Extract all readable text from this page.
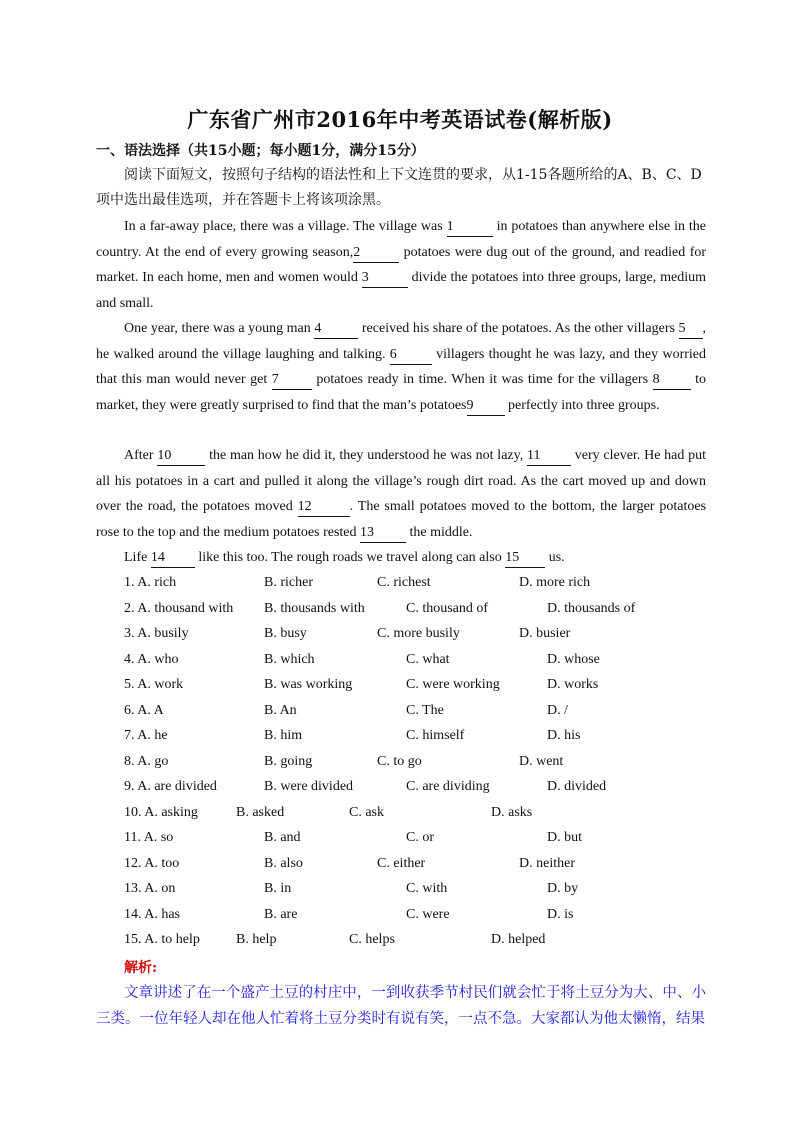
广东省广州市2016年中考英语试卷(解析版)
一、语法选择（共15小题；每小题1分，满分15分）
阅读下面短文，按照句子结构的语法性和上下文连贯的要求，从1-15各题所给的A、B、C、D项中选出最佳选项，并在答题卡上将该项涂黑。
In a far-away place, there was a village. The village was 1	in potatoes than anywhere else in the country. At the end of every growing season,2	potatoes were dug out of the ground, and readied for market. In each home, men and women would 3	divide the potatoes into three groups, large, medium and small.
One year, there was a young man 4	received his share of the potatoes. As the other villagers 5 , he walked around the village laughing and talking. 6	villagers thought he was lazy, and they worried that this man would never get 7	potatoes ready in time. When it was time for the villagers 8	to market, they were greatly surprised to find that the man’s potatoes9 perfectly into three groups.
After 10	the man how he did it, they understood he was not lazy, 11 very clever. He had put all his potatoes in a cart and pulled it along the village’s rough dirt road. As the cart moved up and down over the road, the potatoes moved 12	. The small potatoes moved to the bottom, the larger potatoes rose to the top and the medium potatoes rested 13	the middle.
Life 14 like this too. The rough roads we travel along can also 15 us.
1. A. rich	B. richer	C. richest	D. more rich
2. A. thousand with B. thousands with	C. thousand of	D. thousands of
3. A. busily	B. busy	C. more busily	D. busier
4. A. who	B. which	C. what	D. whose
5. A. work	B. was working	C. were working	D. works
6. A. A	B. An	C. The	D. /
7. A. he	B. him	C. himself	D. his
8. A. go	B. going	C. to go	D. went
9. A. are divided	B. were divided	C. are dividing	D. divided
10. A. asking	B. asked	C. ask	D. asks
11. A. so	B. and	C. or	D. but
12. A. too	B. also	C. either	D. neither
13. A. on	B. in	C. with	D. by
14. A. has	B. are	C. were	D. is
15. A. to help	B. help	C. helps	D. helped
解析:
文章讲述了在一个盛产土豆的村庄中，一到收获季节村民们就会忙于将土豆分为大、中、小三类。一位年轻人却在他人忙着将土豆分类时有说有笑，一点不急。大家都认为他太懒惰，结果
